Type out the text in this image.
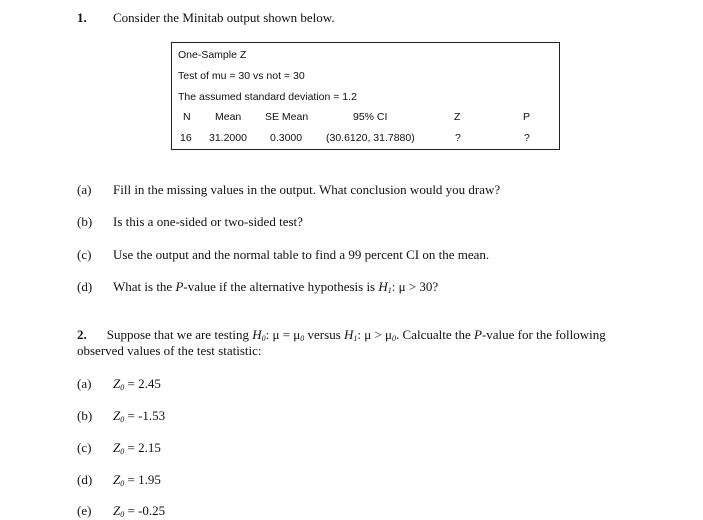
1. Consider the Minitab output shown below.
One-Sample Z
Test of mu = 30 vs not = 30
The assumed standard deviation = 1.2
N Mean SE Mean	95% CI	Z	P
16 31.2000 0.3000 (30.6120, 31.7880)	?	?
(a) Fill in the missing values in the output. What conclusion would you draw?
(b) Is this a one-sided or two-sided test?
(c) Use the output and the normal table to find a 99 percent CI on the mean.
(d) What is the P-value if the alternative hypothesis is $H_1$: μ > 30?
2. Suppose that we are testing $H_0$: $\mu = \mu_0$ versus $H_1$: $\mu > \mu_0$. Calcualte the P-value for the following
observed values of the test statistic:
(a) $Z_0 = 2.45$
(b) $Z_0 = -1.53$
(c) $Z_0 = 2.15$
(d) $Z_0 = 1.95$
(e) $Z_0 = -0.25$
